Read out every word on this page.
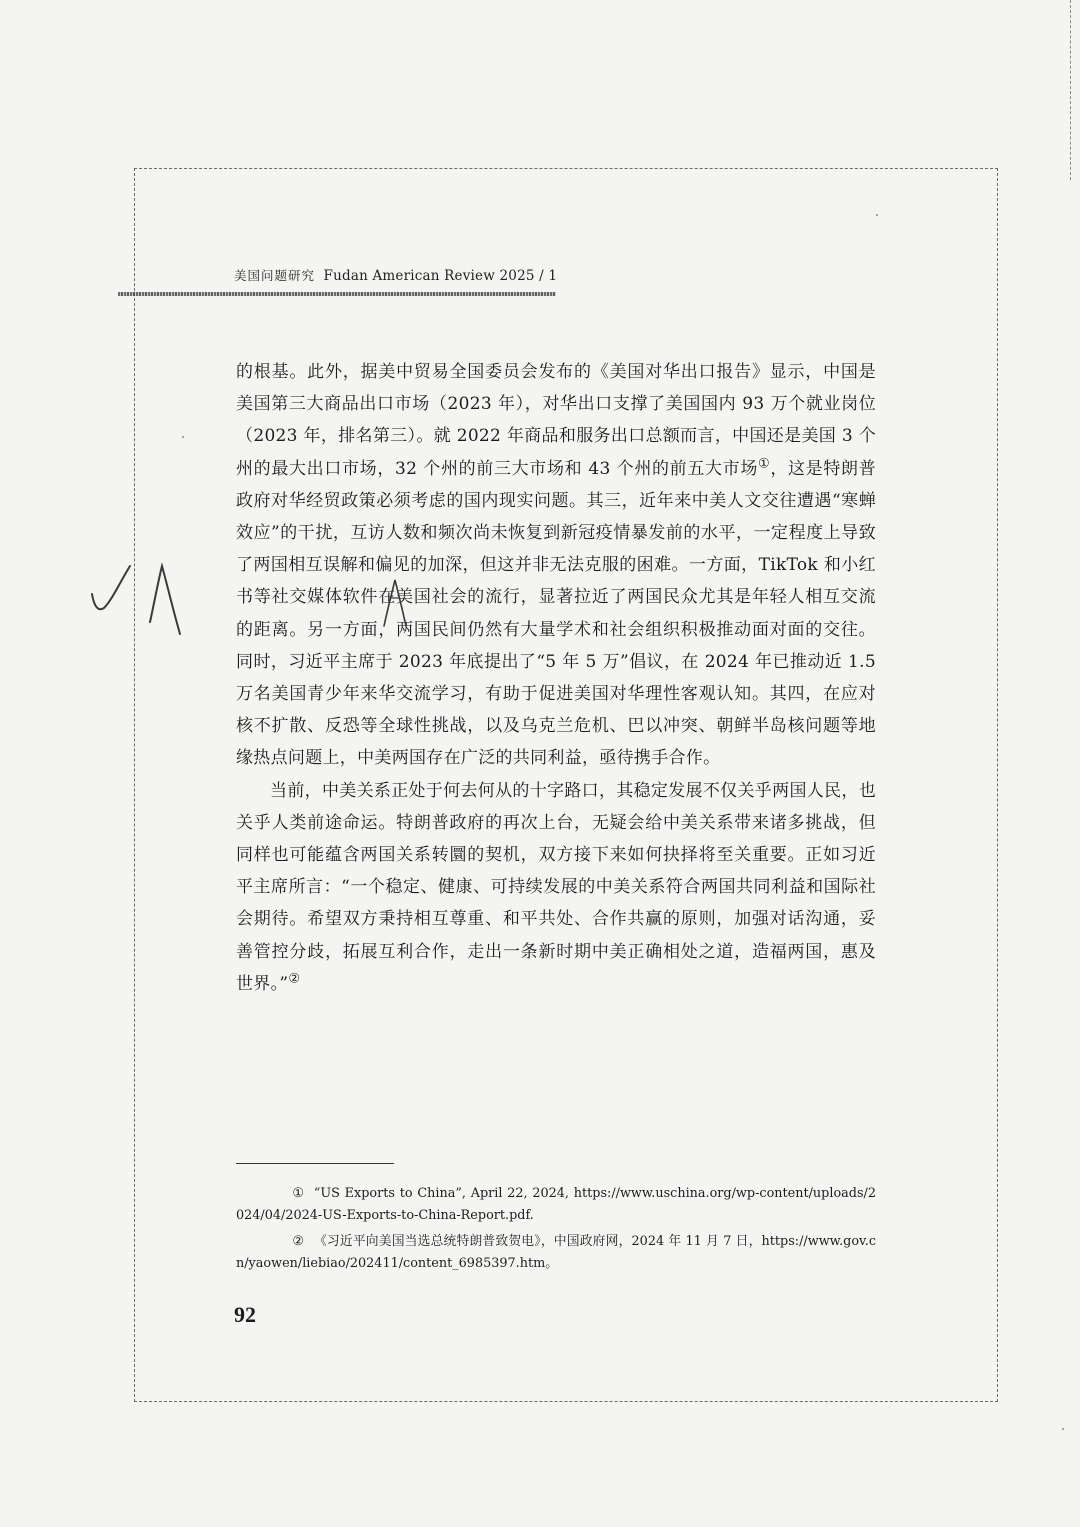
美国问题研究 Fudan American Review 2025 / 1

的根基。此外，据美中贸易全国委员会发布的《美国对华出口报告》显示，中国是美国第三大商品出口市场（2023 年），对华出口支撑了美国国内 93 万个就业岗位（2023 年，排名第三）。就 2022 年商品和服务出口总额而言，中国还是美国 3 个州的最大出口市场，32 个州的前三大市场和 43 个州的前五大市场①，这是特朗普政府对华经贸政策必须考虑的国内现实问题。其三，近年来中美人文交往遭遇“寒蝉效应”的干扰，互访人数和频次尚未恢复到新冠疫情暴发前的水平，一定程度上导致了两国相互误解和偏见的加深，但这并非无法克服的困难。一方面，TikTok 和小红书等社交媒体软件在美国社会的流行，显著拉近了两国民众尤其是年轻人相互交流的距离。另一方面，两国民间仍然有大量学术和社会组织积极推动面对面的交往。同时，习近平主席于 2023 年底提出了“5 年 5 万”倡议，在 2024 年已推动近 1.5 万名美国青少年来华交流学习，有助于促进美国对华理性客观认知。其四，在应对核不扩散、反恐等全球性挑战，以及乌克兰危机、巴以冲突、朝鲜半岛核问题等地缘热点问题上，中美两国存在广泛的共同利益，亟待携手合作。

当前，中美关系正处于何去何从的十字路口，其稳定发展不仅关乎两国人民，也关乎人类前途命运。特朗普政府的再次上台，无疑会给中美关系带来诸多挑战，但同样也可能蕴含两国关系转圜的契机，双方接下来如何抉择将至关重要。正如习近平主席所言：“一个稳定、健康、可持续发展的中美关系符合两国共同利益和国际社会期待。希望双方秉持相互尊重、和平共处、合作共赢的原则，加强对话沟通，妥善管控分歧，拓展互利合作，走出一条新时期中美正确相处之道，造福两国，惠及世界。”②

① “US Exports to China”, April 22, 2024, https://www.uschina.org/wp-content/uploads/2024/04/2024-US-Exports-to-China-Report.pdf.

② 《习近平向美国当选总统特朗普致贺电》，中国政府网，2024 年 11 月 7 日，https://www.gov.cn/yaowen/liebiao/202411/content_6985397.htm。

92
